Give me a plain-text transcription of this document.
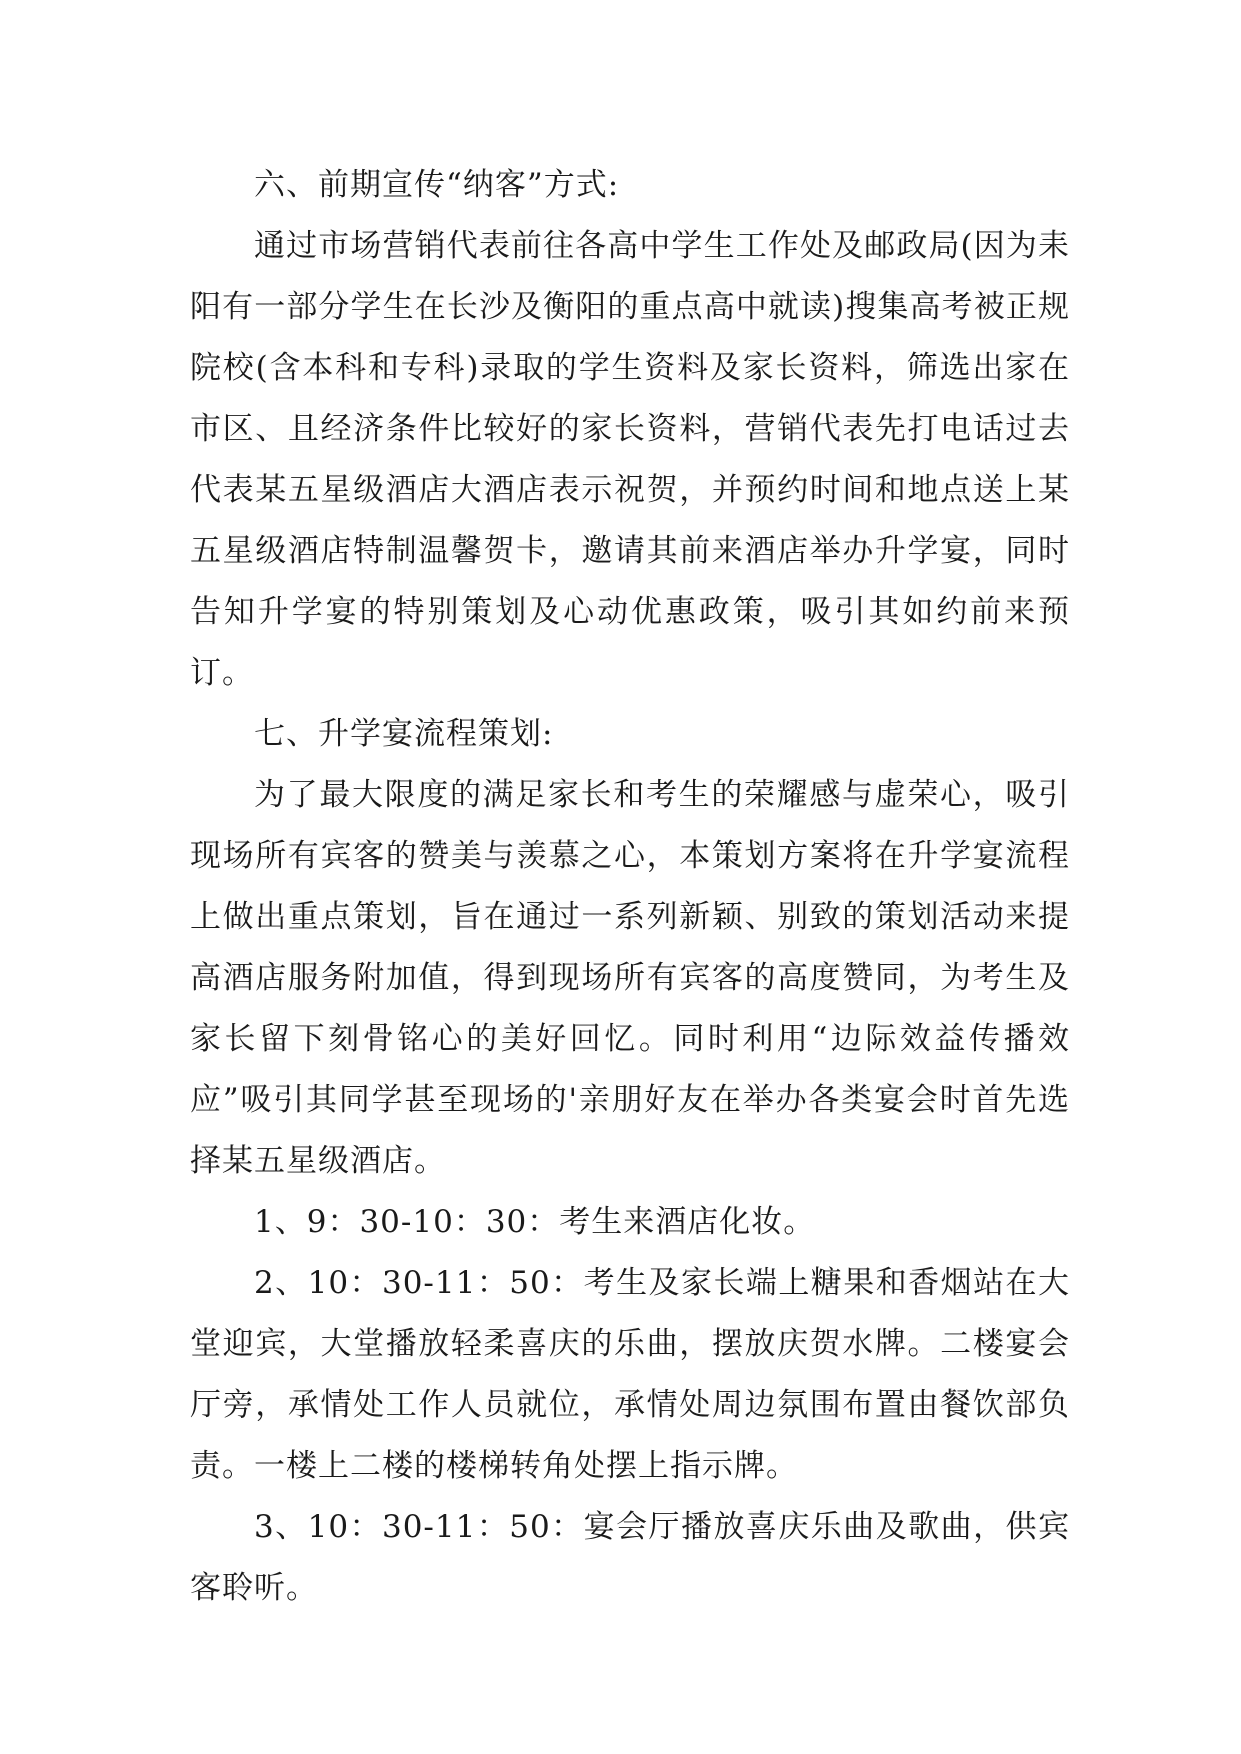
六、前期宣传“纳客”方式:

通过市场营销代表前往各高中学生工作处及邮政局(因为耒阳有一部分学生在长沙及衡阳的重点高中就读)搜集高考被正规院校(含本科和专科)录取的学生资料及家长资料，筛选出家在市区、且经济条件比较好的家长资料，营销代表先打电话过去代表某五星级酒店大酒店表示祝贺，并预约时间和地点送上某五星级酒店特制温馨贺卡，邀请其前来酒店举办升学宴，同时告知升学宴的特别策划及心动优惠政策，吸引其如约前来预订。

七、升学宴流程策划:

为了最大限度的满足家长和考生的荣耀感与虚荣心，吸引现场所有宾客的赞美与羡慕之心，本策划方案将在升学宴流程上做出重点策划，旨在通过一系列新颖、别致的策划活动来提高酒店服务附加值，得到现场所有宾客的高度赞同，为考生及家长留下刻骨铭心的美好回忆。同时利用“边际效益传播效应”吸引其同学甚至现场的'亲朋好友在举办各类宴会时首先选择某五星级酒店。

1、9：30-10：30：考生来酒店化妆。

2、10：30-11：50：考生及家长端上糖果和香烟站在大堂迎宾，大堂播放轻柔喜庆的乐曲，摆放庆贺水牌。二楼宴会厅旁，承情处工作人员就位，承情处周边氛围布置由餐饮部负责。一楼上二楼的楼梯转角处摆上指示牌。

3、10：30-11：50：宴会厅播放喜庆乐曲及歌曲，供宾客聆听。
